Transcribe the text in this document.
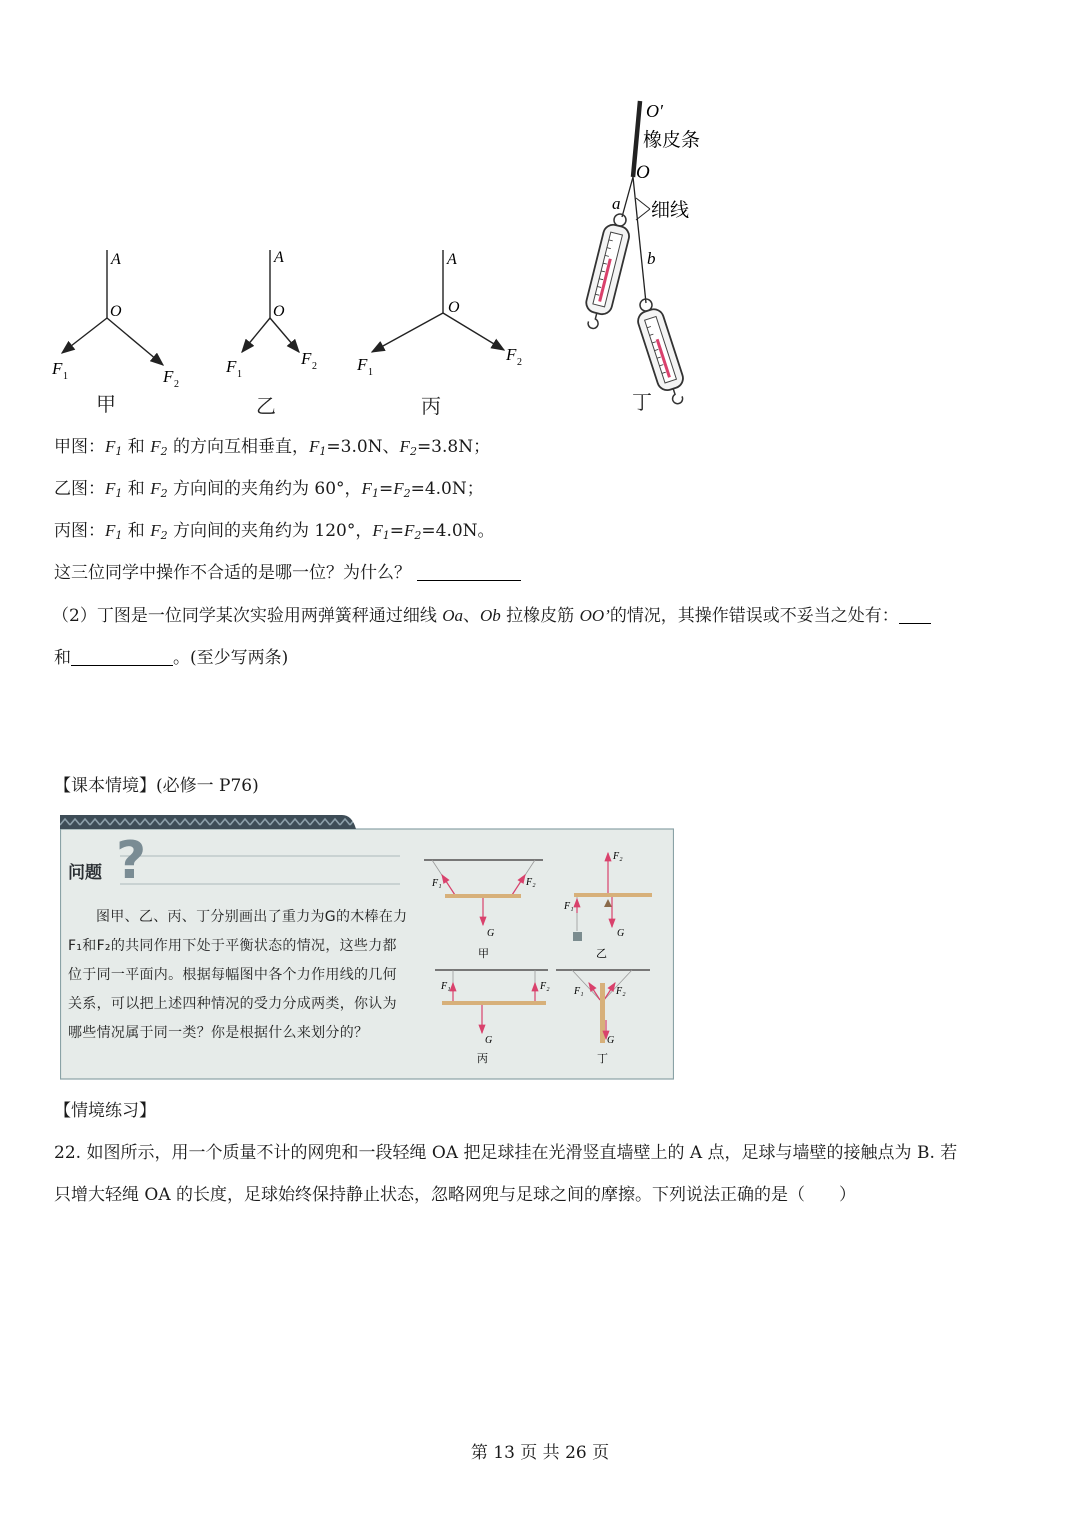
A
O
F 1	F 2
A
O
F 1
F 2
A
O
F 1
F 2
甲	乙	丙
O′
橡皮条
O
a 细线
b
丁
甲图：$F_1$ 和 $F_2$ 的方向互相垂直，$F_1=3.0N$、$F_2=3.8N$；
乙图：$F_1$ 和 $F_2$ 方向间的夹角约为 60°，$F_1=F_2=4.0N$；
丙图：$F_1$ 和 $F_2$ 方向间的夹角约为 120°，$F_1=F_2=4.0N$。
这三位同学中操作不合适的是哪一位？为什么？
（2）丁图是一位同学某次实验用两弹簧秤通过细线 Oa、Ob 拉橡皮筋 OO’的情况，其操作错误或不妥当之处有：
和	。(至少写两条)
【课本情境】(必修一 P76)
F₁	F₂
G
甲
F₂
F₁
G
乙
F₁	F₂
G
丙
F₁	F₂
G
丁
问题 ?
图甲、乙、丙、丁分别画出了重力为G的木棒在力F₁和F₂的共同作用下处于平衡状态的情况，这些力都位于同一平面内。根据每幅图中各个力作用线的几何关系，可以把上述四种情况的受力分成两类，你认为哪些情况属于同一类？你是根据什么来划分的？
【情境练习】
22. 如图所示，用一个质量不计的网兜和一段轻绳 OA 把足球挂在光滑竖直墙壁上的 A 点，足球与墙壁的接触点为 B. 若
只增大轻绳 OA 的长度，足球始终保持静止状态，忽略网兜与足球之间的摩擦。下列说法正确的是（　　）
第 13 页 共 26 页
